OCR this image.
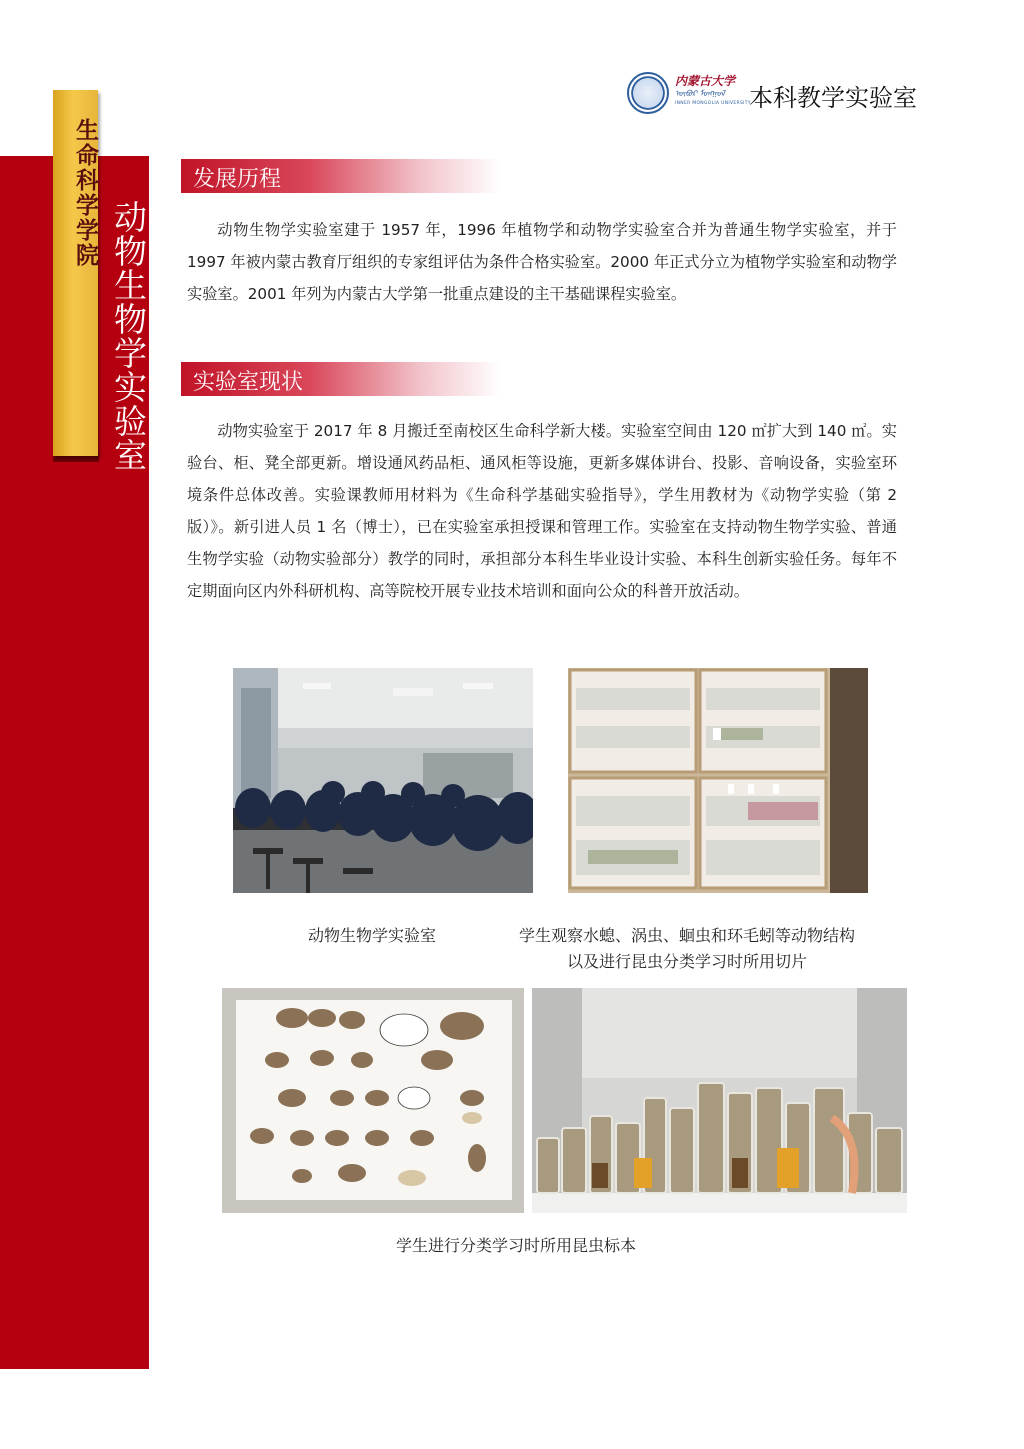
生命科学学院
动物生物学实验室
内蒙古大学
ᠥᠪᠦᠷ ᠮᠣᠩᠭᠣᠯ
INNER MONGOLIA UNIVERSITY
本科教学实验室
发展历程
动物生物学实验室建于 1957 年，1996 年植物学和动物学实验室合并为普通生物学实验室，并于 1997 年被内蒙古教育厅组织的专家组评估为条件合格实验室。2000 年正式分立为植物学实验室和动物学实验室。2001 年列为内蒙古大学第一批重点建设的主干基础课程实验室。
实验室现状
动物实验室于 2017 年 8 月搬迁至南校区生命科学新大楼。实验室空间由 120 ㎡扩大到 140 ㎡。实验台、柜、凳全部更新。增设通风药品柜、通风柜等设施，更新多媒体讲台、投影、音响设备，实验室环境条件总体改善。实验课教师用材料为《生命科学基础实验指导》，学生用教材为《动物学实验（第 2 版）》。新引进人员 1 名（博士），已在实验室承担授课和管理工作。实验室在支持动物生物学实验、普通生物学实验（动物实验部分）教学的同时，承担部分本科生毕业设计实验、本科生创新实验任务。每年不定期面向区内外科研机构、高等院校开展专业技术培训和面向公众的科普开放活动。
动物生物学实验室	学生观察水螅、涡虫、蛔虫和环毛蚓等动物结构
以及进行昆虫分类学习时所用切片
学生进行分类学习时所用昆虫标本
